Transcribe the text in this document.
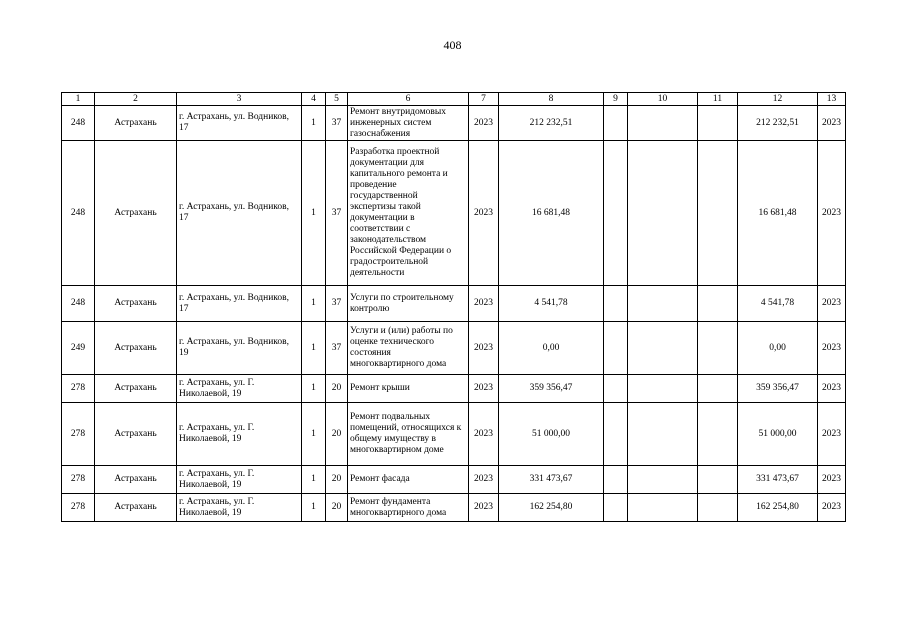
408
1	2	3	4	5	6	7	8	9	10	11	12	13
248	Астрахань	г. Астрахань, ул. Водников, 17	1	37	Ремонт внутридомовых инженерных систем газоснабжения	2023	212 232,51				212 232,51	2023
248	Астрахань	г. Астрахань, ул. Водников, 17	1	37	Разработка проектной документации для капитального ремонта и проведение государственной экспертизы такой документации в соответствии с законодательством Российской Федерации о градостроительной деятельности	2023	16 681,48				16 681,48	2023
248	Астрахань	г. Астрахань, ул. Водников, 17	1	37	Услуги по строительному контролю	2023	4 541,78				4 541,78	2023
249	Астрахань	г. Астрахань, ул. Водников, 19	1	37	Услуги и (или) работы по оценке технического состояния многоквартирного дома	2023	0,00				0,00	2023
278	Астрахань	г. Астрахань, ул. Г. Николаевой, 19	1	20	Ремонт крыши	2023	359 356,47				359 356,47	2023
278	Астрахань	г. Астрахань, ул. Г. Николаевой, 19	1	20	Ремонт подвальных помещений, относящихся к общему имуществу в многоквартирном доме	2023	51 000,00				51 000,00	2023
278	Астрахань	г. Астрахань, ул. Г. Николаевой, 19	1	20	Ремонт фасада	2023	331 473,67				331 473,67	2023
278	Астрахань	г. Астрахань, ул. Г. Николаевой, 19	1	20	Ремонт фундамента многоквартирного дома	2023	162 254,80				162 254,80	2023
